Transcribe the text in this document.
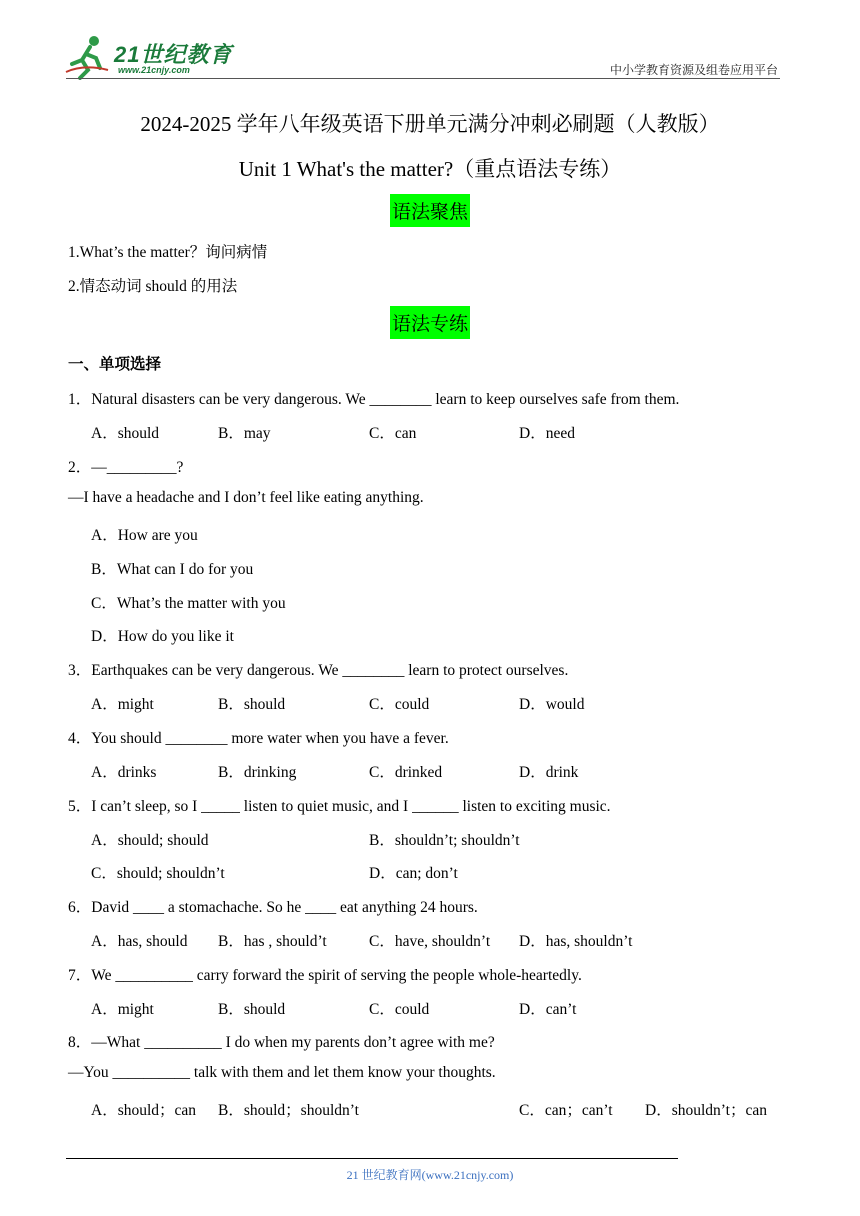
21世纪教育
www.21cnjy.com	中小学教育资源及组卷应用平台
2024-2025 学年八年级英语下册单元满分冲刺必刷题（人教版）
Unit 1 What's the matter?（重点语法专练）
语法聚焦
1.What’s the matter？询问病情
2.情态动词 should 的用法
语法专练
一、单项选择
1．Natural disasters can be very dangerous. We ________ learn to keep ourselves safe from them.
A．should	B．may	C．can	D．need
2．—_________?
—I have a headache and I don’t feel like eating anything.
A．How are you
B．What can I do for you
C．What’s the matter with you
D．How do you like it
3．Earthquakes can be very dangerous. We ________ learn to protect ourselves.
A．might	B．should	C．could	D．would
4．You should ________ more water when you have a fever.
A．drinks	B．drinking	C．drinked	D．drink
5．I can’t sleep, so I _____ listen to quiet music, and I ______ listen to exciting music.
A．should; should	B．shouldn’t; shouldn’t
C．should; shouldn’t	D．can; don’t
6．David ____ a stomachache. So he ____ eat anything 24 hours.
A．has, should B．has , should’t	C．have, shouldn’t D．has, shouldn’t
7．We __________ carry forward the spirit of serving the people whole-heartedly.
A．might	B．should	C．could	D．can’t
8．—What __________ I do when my parents don’t agree with me?
—You __________ talk with them and let them know your thoughts.
A．should；can B．should；shouldn’t	C．can；can’t D．shouldn’t；can
21 世纪教育网(www.21cnjy.com)
